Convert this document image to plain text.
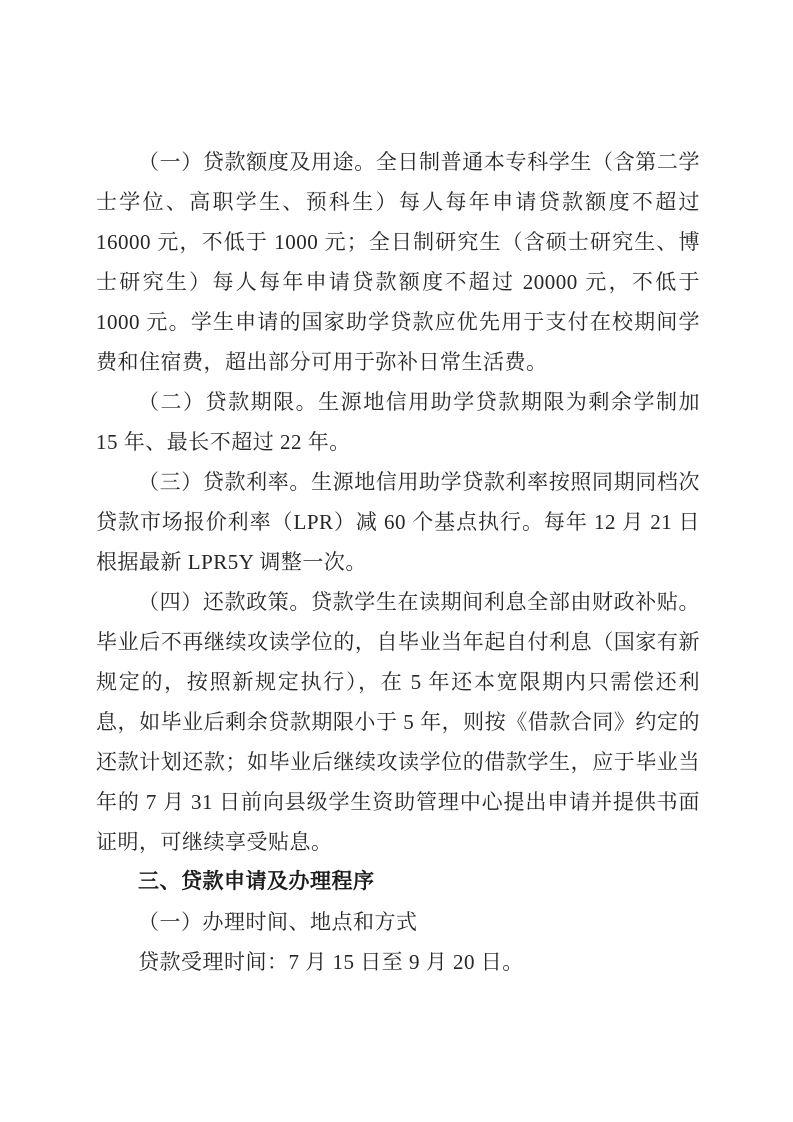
（一）贷款额度及用途。全日制普通本专科学生（含第二学士学位、高职学生、预科生）每人每年申请贷款额度不超过 16000 元，不低于 1000 元；全日制研究生（含硕士研究生、博士研究生）每人每年申请贷款额度不超过 20000 元，不低于 1000 元。学生申请的国家助学贷款应优先用于支付在校期间学费和住宿费，超出部分可用于弥补日常生活费。

（二）贷款期限。生源地信用助学贷款期限为剩余学制加 15 年、最长不超过 22 年。

（三）贷款利率。生源地信用助学贷款利率按照同期同档次贷款市场报价利率（LPR）减 60 个基点执行。每年 12 月 21 日根据最新 LPR5Y 调整一次。

（四）还款政策。贷款学生在读期间利息全部由财政补贴。毕业后不再继续攻读学位的，自毕业当年起自付利息（国家有新规定的，按照新规定执行），在 5 年还本宽限期内只需偿还利息，如毕业后剩余贷款期限小于 5 年，则按《借款合同》约定的还款计划还款；如毕业后继续攻读学位的借款学生，应于毕业当年的 7 月 31 日前向县级学生资助管理中心提出申请并提供书面证明，可继续享受贴息。

三、贷款申请及办理程序

（一）办理时间、地点和方式

贷款受理时间：7 月 15 日至 9 月 20 日。
